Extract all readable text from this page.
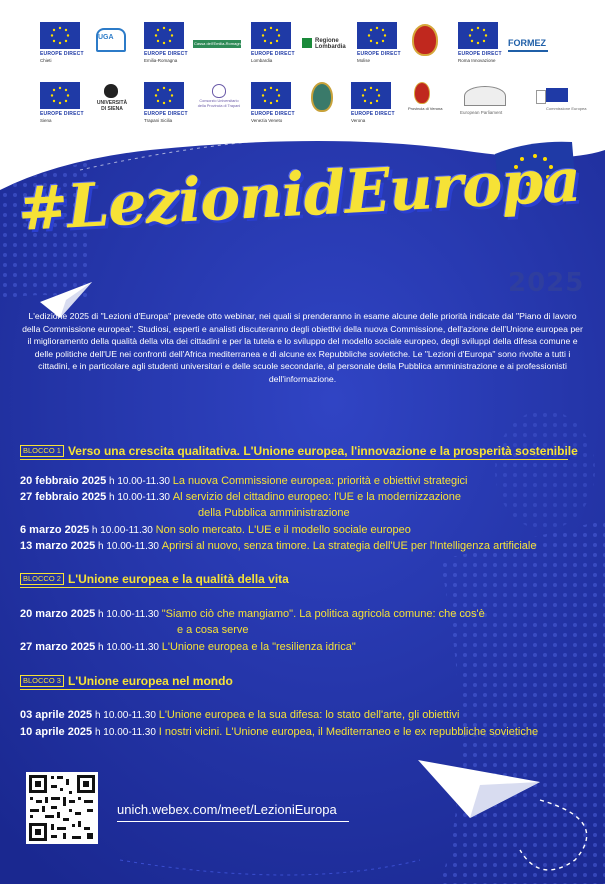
EUROPE DIRECT
Chieti
UGA
EUROPE DIRECT
Emilia-Romagna
Cassa dell'Emilia-Romagna
EUROPE DIRECT
Lombardia
Regione Lombardia
EUROPE DIRECT
Molise
EUROPE DIRECT
Roma Innovazione
FORMEZ
EUROPE DIRECT
Siena
UNIVERSITÀ DI SIENA
EUROPE DIRECT
Trapani Sicilia
Consorzio Universitario della Provincia di Trapani
EUROPE DIRECT
Venezia Veneto
EUROPE DIRECT
Verona
Provincia di Verona
European Parliament
Commissione Europea
#LezionidEuropa
2025
L'edizione 2025 di "Lezioni d'Europa" prevede otto webinar, nei quali si prenderanno in esame alcune delle priorità indicate dal "Piano di lavoro della Commissione europea". Studiosi, esperti e analisti discuteranno degli obiettivi della nuova Commissione, dell'azione dell'Unione europea per il miglioramento della qualità della vita dei cittadini e per la tutela e lo sviluppo del modello sociale europeo, degli sviluppi della difesa comune e delle politiche dell'UE nei confronti dell'Africa mediterranea e di alcune ex Repubbliche sovietiche. Le "Lezioni d'Europa" sono rivolte a tutti i cittadini, e in particolare agli studenti universitari e delle scuole secondarie, al personale della Pubblica amministrazione e ai professionisti dell'informazione.
BLOCCO 1 Verso una crescita qualitativa. L'Unione europea, l'innovazione e la prosperità sostenibile
20 febbraio 2025 h 10.00-11.30 La nuova Commissione europea: priorità e obiettivi strategici
27 febbraio 2025 h 10.00-11.30 Al servizio del cittadino europeo: l'UE e la modernizzazione
della Pubblica amministrazione
6 marzo 2025 h 10.00-11.30 Non solo mercato. L'UE e il modello sociale europeo
13 marzo 2025 h 10.00-11.30 Aprirsi al nuovo, senza timore. La strategia dell'UE per l'Intelligenza artificiale
BLOCCO 2 L'Unione europea e la qualità della vita
20 marzo 2025 h 10.00-11.30 "Siamo ciò che mangiamo". La politica agricola comune: che cos'è
e a cosa serve
27 marzo 2025 h 10.00-11.30 L'Unione europea e la "resilienza idrica"
BLOCCO 3 L'Unione europea nel mondo
03 aprile 2025 h 10.00-11.30 L'Unione europea e la sua difesa: lo stato dell'arte, gli obiettivi
10 aprile 2025 h 10.00-11.30 I nostri vicini. L'Unione europea, il Mediterraneo e le ex repubbliche sovietiche
unich.webex.com/meet/LezioniEuropa
